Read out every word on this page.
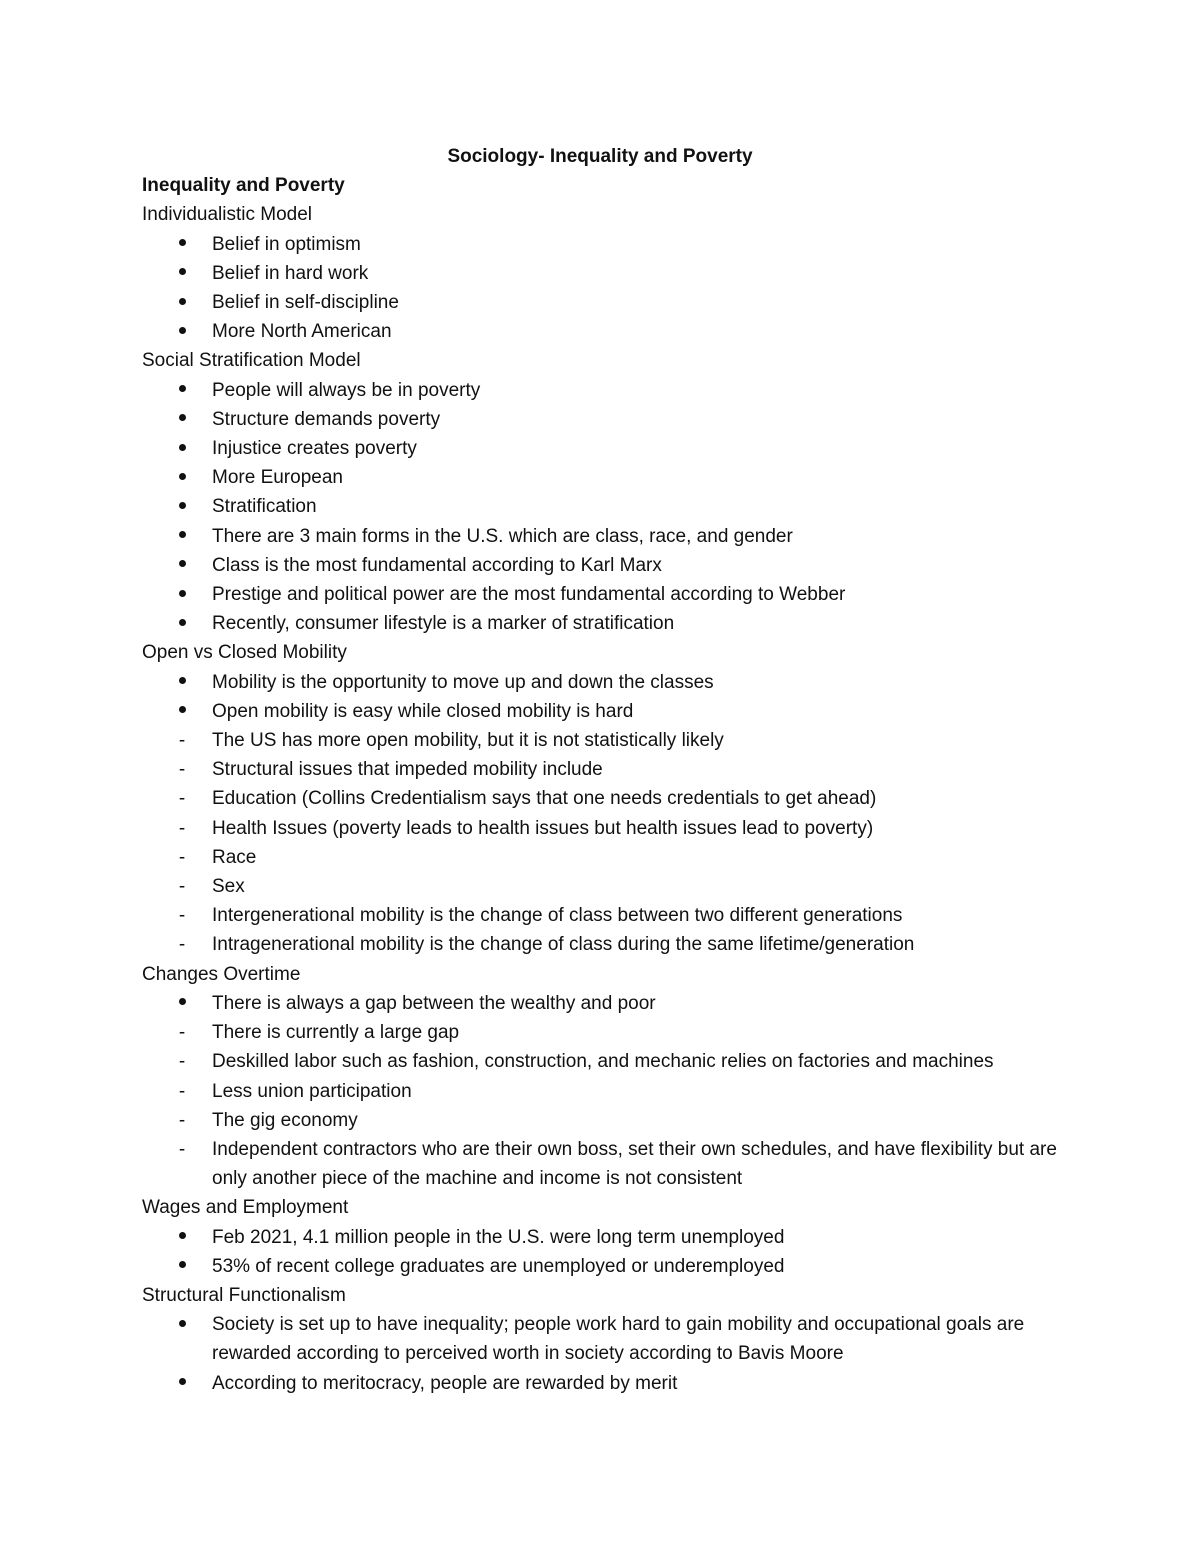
Sociology- Inequality and Poverty
Inequality and Poverty
Individualistic Model
Belief in optimism
Belief in hard work
Belief in self-discipline
More North American
Social Stratification Model
People will always be in poverty
Structure demands poverty
Injustice creates poverty
More European
Stratification
There are 3 main forms in the U.S. which are class, race, and gender
Class is the most fundamental according to Karl Marx
Prestige and political power are the most fundamental according to Webber
Recently, consumer lifestyle is a marker of stratification
Open vs Closed Mobility
Mobility is the opportunity to move up and down the classes
Open mobility is easy while closed mobility is hard
-
The US has more open mobility, but it is not statistically likely
-
Structural issues that impeded mobility include
-
Education (Collins Credentialism says that one needs credentials to get ahead)
-
Health Issues (poverty leads to health issues but health issues lead to poverty)
-
Race
-
Sex
-
Intergenerational mobility is the change of class between two different generations
-
Intragenerational mobility is the change of class during the same lifetime/generation
Changes Overtime
There is always a gap between the wealthy and poor
-
There is currently a large gap
-
Deskilled labor such as fashion, construction, and mechanic relies on factories and machines
-
Less union participation
-
The gig economy
-
Independent contractors who are their own boss, set their own schedules, and have flexibility but are only another piece of the machine and income is not consistent
Wages and Employment
Feb 2021, 4.1 million people in the U.S. were long term unemployed
53% of recent college graduates are unemployed or underemployed
Structural Functionalism
Society is set up to have inequality; people work hard to gain mobility and occupational goals are rewarded according to perceived worth in society according to Bavis Moore
According to meritocracy, people are rewarded by merit
